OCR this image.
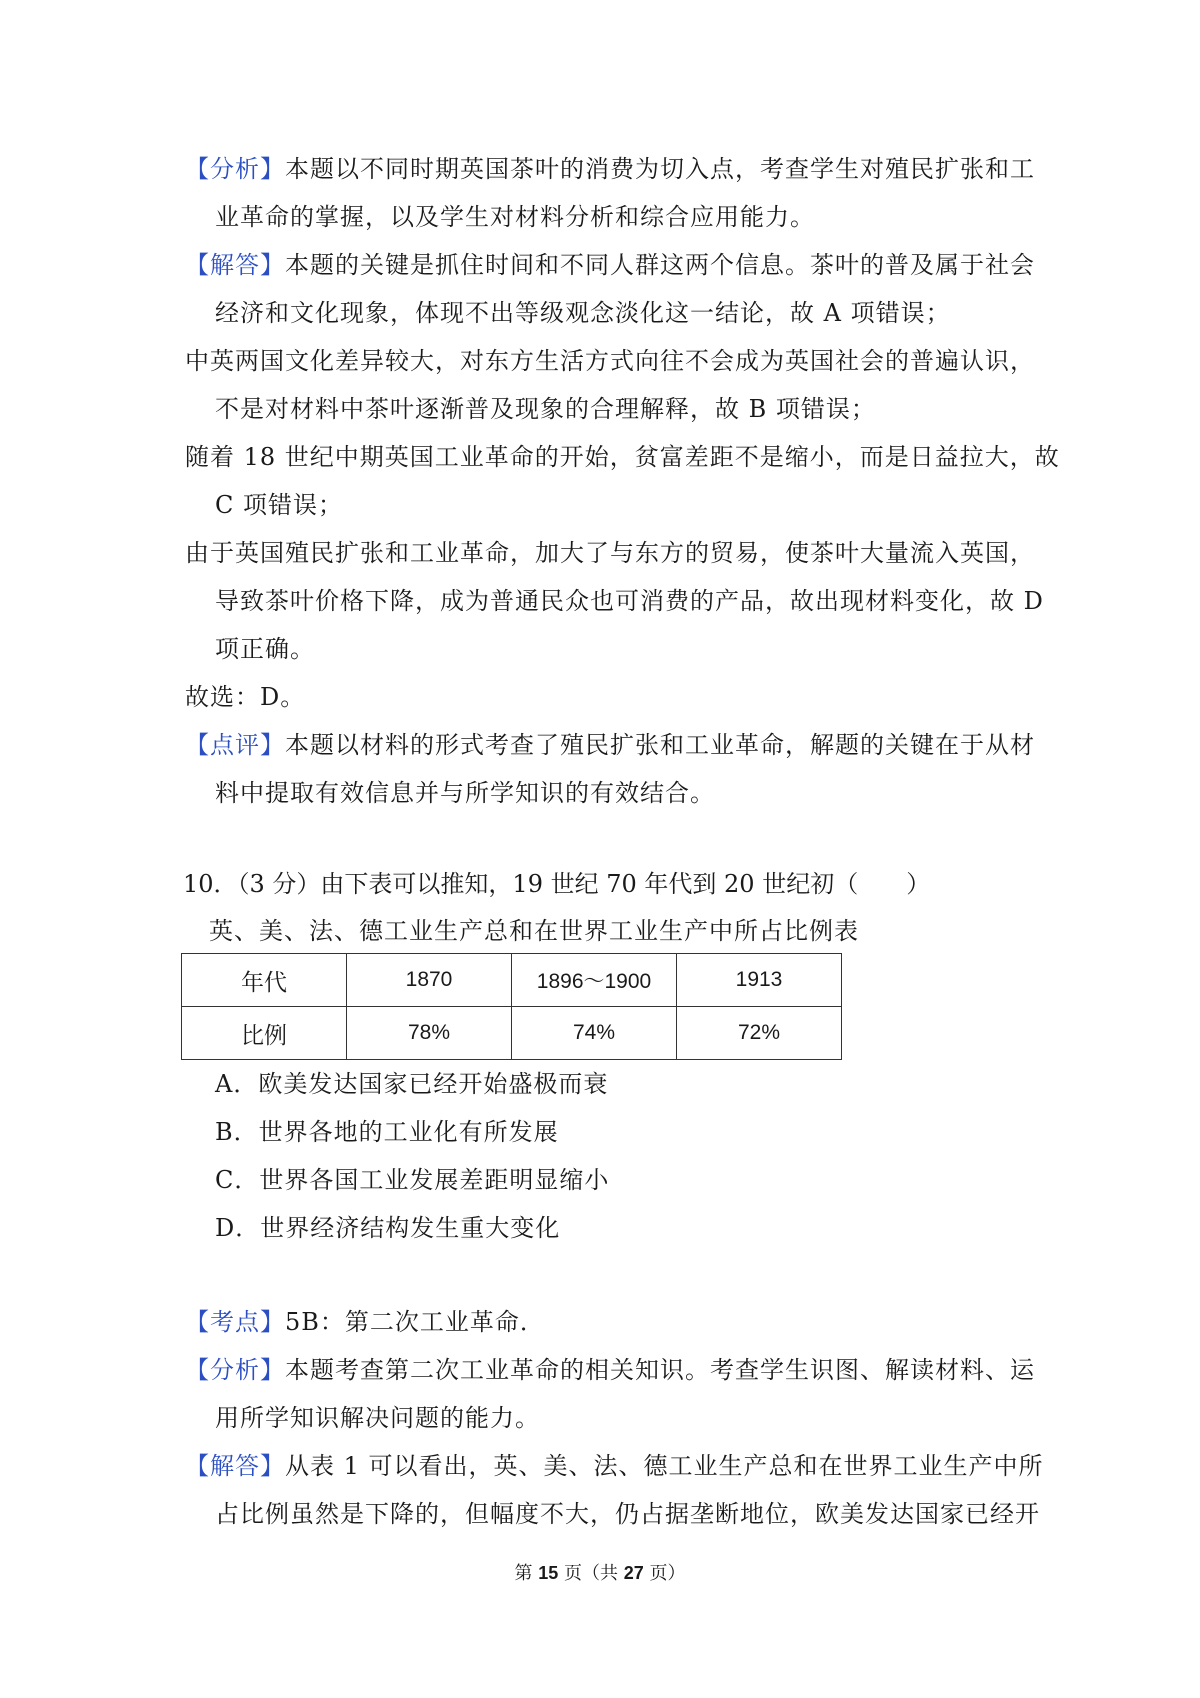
【分析】本题以不同时期英国茶叶的消费为切入点，考查学生对殖民扩张和工
业革命的掌握，以及学生对材料分析和综合应用能力。
【解答】本题的关键是抓住时间和不同人群这两个信息。茶叶的普及属于社会
经济和文化现象，体现不出等级观念淡化这一结论，故 A 项错误；
中英两国文化差异较大，对东方生活方式向往不会成为英国社会的普遍认识，
不是对材料中茶叶逐渐普及现象的合理解释，故 B 项错误；
随着 18 世纪中期英国工业革命的开始，贫富差距不是缩小，而是日益拉大，故
C 项错误；
由于英国殖民扩张和工业革命，加大了与东方的贸易，使茶叶大量流入英国，
导致茶叶价格下降，成为普通民众也可消费的产品，故出现材料变化，故 D
项正确。
故选：D。
【点评】本题以材料的形式考查了殖民扩张和工业革命，解题的关键在于从材
料中提取有效信息并与所学知识的有效结合。
10．（3 分）由下表可以推知，19 世纪 70 年代到 20 世纪初（　　）
英、美、法、德工业生产总和在世界工业生产中所占比例表
年代	1870	1896～1900	1913
比例	78%	74%	72%
A．欧美发达国家已经开始盛极而衰
B．世界各地的工业化有所发展
C．世界各国工业发展差距明显缩小
D．世界经济结构发生重大变化
【考点】5B：第二次工业革命．
【分析】本题考查第二次工业革命的相关知识。考查学生识图、解读材料、运
用所学知识解决问题的能力。
【解答】从表 1 可以看出，英、美、法、德工业生产总和在世界工业生产中所
占比例虽然是下降的，但幅度不大，仍占据垄断地位，欧美发达国家已经开
第 15 页（共 27 页）
